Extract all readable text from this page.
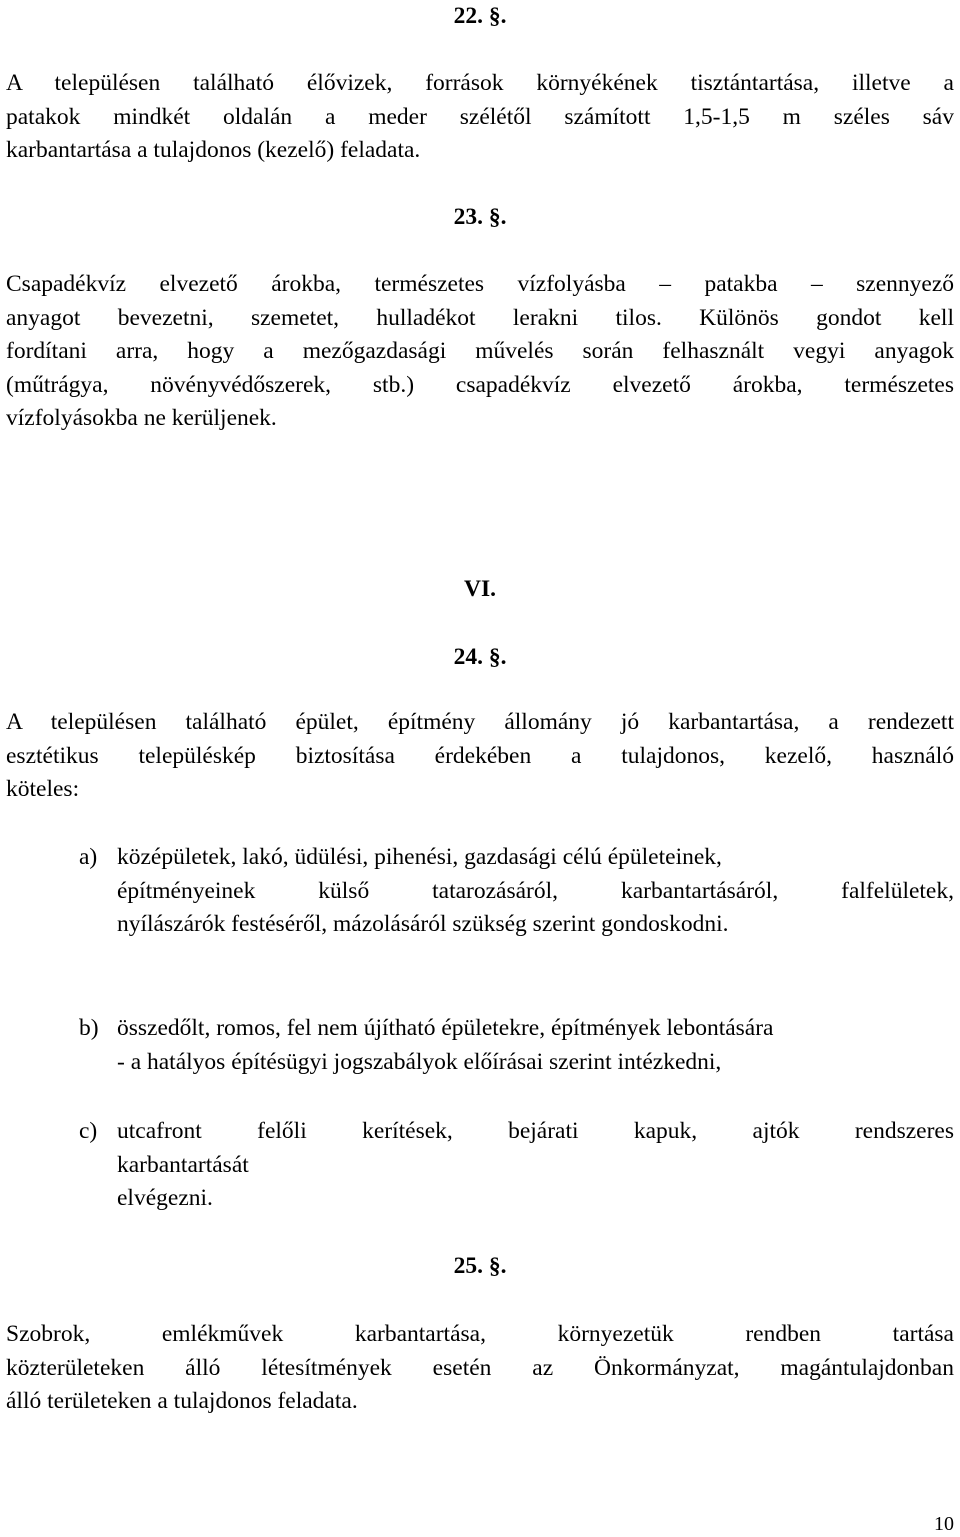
22. §.
A településen található élővizek, források környékének tisztántartása, illetve a
patakok mindkét oldalán a meder szélétől számított 1,5-1,5 m széles sáv
karbantartása a tulajdonos (kezelő) feladata.
23. §.
Csapadékvíz elvezető árokba, természetes vízfolyásba – patakba – szennyező
anyagot bevezetni, szemetet, hulladékot lerakni tilos. Különös gondot kell
fordítani arra, hogy a mezőgazdasági művelés során felhasznált vegyi anyagok
(műtrágya, növényvédőszerek, stb.) csapadékvíz elvezető árokba, természetes
vízfolyásokba ne kerüljenek.
VI.
24. §.
A településen található épület, építmény állomány jó karbantartása, a rendezett
esztétikus településkép biztosítása érdekében a tulajdonos, kezelő, használó
köteles:
a) középületek, lakó, üdülési, pihenési, gazdasági célú épületeinek,
építményeinek külső tatarozásáról, karbantartásáról, falfelületek,
nyílászárók festéséről, mázolásáról szükség szerint gondoskodni.
b) összedőlt, romos, fel nem újítható épületekre, építmények lebontására
- a hatályos építésügyi jogszabályok előírásai szerint intézkedni,
c) utcafront felőli kerítések, bejárati kapuk, ajtók rendszeres
karbantartását
elvégezni.
25. §.
Szobrok, emlékművek karbantartása, környezetük rendben tartása
közterületeken álló létesítmények esetén az Önkormányzat, magántulajdonban
álló területeken a tulajdonos feladata.
10
